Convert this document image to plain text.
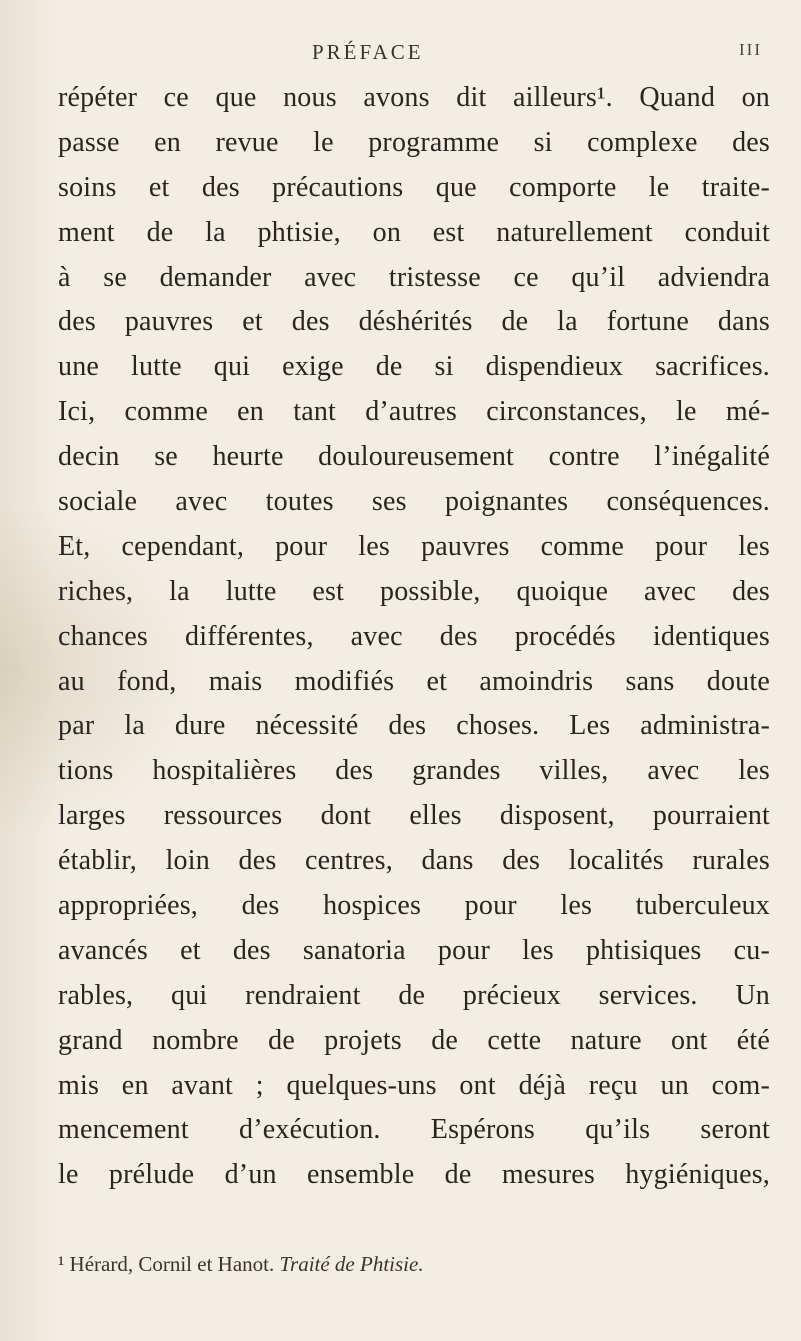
PRÉFACE	III

répéter ce que nous avons dit ailleurs¹. Quand on
passe en revue le programme si complexe des
soins et des précautions que comporte le traite-
ment de la phtisie, on est naturellement conduit
à se demander avec tristesse ce qu’il adviendra
des pauvres et des déshérités de la fortune dans
une lutte qui exige de si dispendieux sacrifices.
Ici, comme en tant d’autres circonstances, le mé-
decin se heurte douloureusement contre l’inégalité
sociale avec toutes ses poignantes conséquences.
Et, cependant, pour les pauvres comme pour les
riches, la lutte est possible, quoique avec des
chances différentes, avec des procédés identiques
au fond, mais modifiés et amoindris sans doute
par la dure nécessité des choses. Les administra-
tions hospitalières des grandes villes, avec les
larges ressources dont elles disposent, pourraient
établir, loin des centres, dans des localités rurales
appropriées, des hospices pour les tuberculeux
avancés et des sanatoria pour les phtisiques cu-
rables, qui rendraient de précieux services. Un
grand nombre de projets de cette nature ont été
mis en avant ; quelques-uns ont déjà reçu un com-
mencement d’exécution. Espérons qu’ils seront
le prélude d’un ensemble de mesures hygiéniques,

¹ Hérard, Cornil et Hanot. Traité de Phtisie.
